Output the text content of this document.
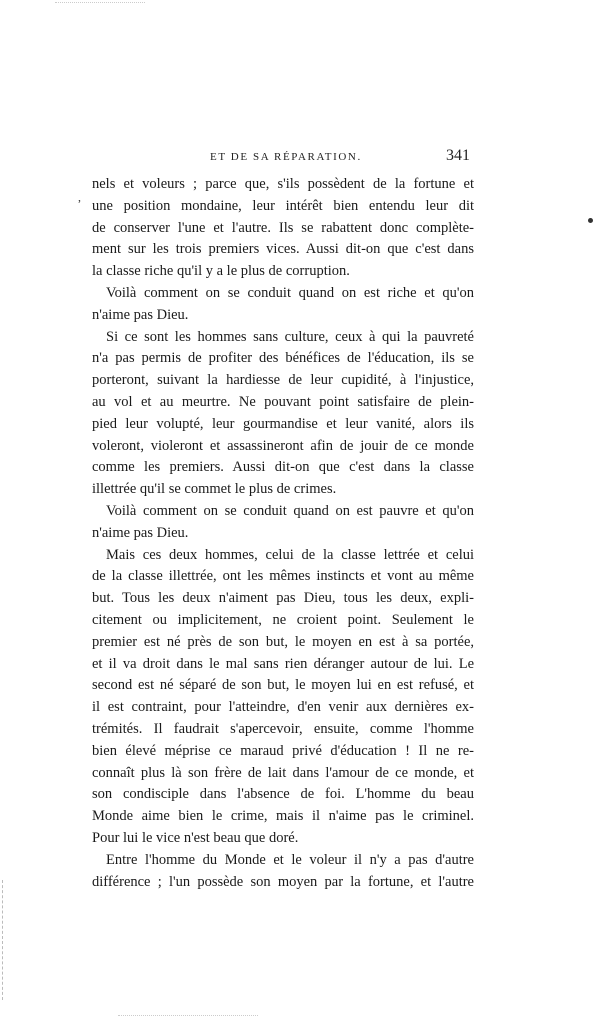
ET DE SA RÉPARATION.	341
,
nels et voleurs ; parce que, s'ils possèdent de la fortune et
une position mondaine, leur intérêt bien entendu leur dit
de conserver l'une et l'autre. Ils se rabattent donc complète-
ment sur les trois premiers vices. Aussi dit-on que c'est dans
la classe riche qu'il y a le plus de corruption.
Voilà comment on se conduit quand on est riche et qu'on
n'aime pas Dieu.
Si ce sont les hommes sans culture, ceux à qui la pauvreté
n'a pas permis de profiter des bénéfices de l'éducation, ils se
porteront, suivant la hardiesse de leur cupidité, à l'injustice,
au vol et au meurtre. Ne pouvant point satisfaire de plein-
pied leur volupté, leur gourmandise et leur vanité, alors ils
voleront, violeront et assassineront afin de jouir de ce monde
comme les premiers. Aussi dit-on que c'est dans la classe
illettrée qu'il se commet le plus de crimes.
Voilà comment on se conduit quand on est pauvre et qu'on
n'aime pas Dieu.
Mais ces deux hommes, celui de la classe lettrée et celui
de la classe illettrée, ont les mêmes instincts et vont au même
but. Tous les deux n'aiment pas Dieu, tous les deux, expli-
citement ou implicitement, ne croient point. Seulement le
premier est né près de son but, le moyen en est à sa portée,
et il va droit dans le mal sans rien déranger autour de lui. Le
second est né séparé de son but, le moyen lui en est refusé, et
il est contraint, pour l'atteindre, d'en venir aux dernières ex-
trémités. Il faudrait s'apercevoir, ensuite, comme l'homme
bien élevé méprise ce maraud privé d'éducation ! Il ne re-
connaît plus là son frère de lait dans l'amour de ce monde, et
son condisciple dans l'absence de foi. L'homme du beau
Monde aime bien le crime, mais il n'aime pas le criminel.
Pour lui le vice n'est beau que doré.
Entre l'homme du Monde et le voleur il n'y a pas d'autre
différence ; l'un possède son moyen par la fortune, et l'autre
